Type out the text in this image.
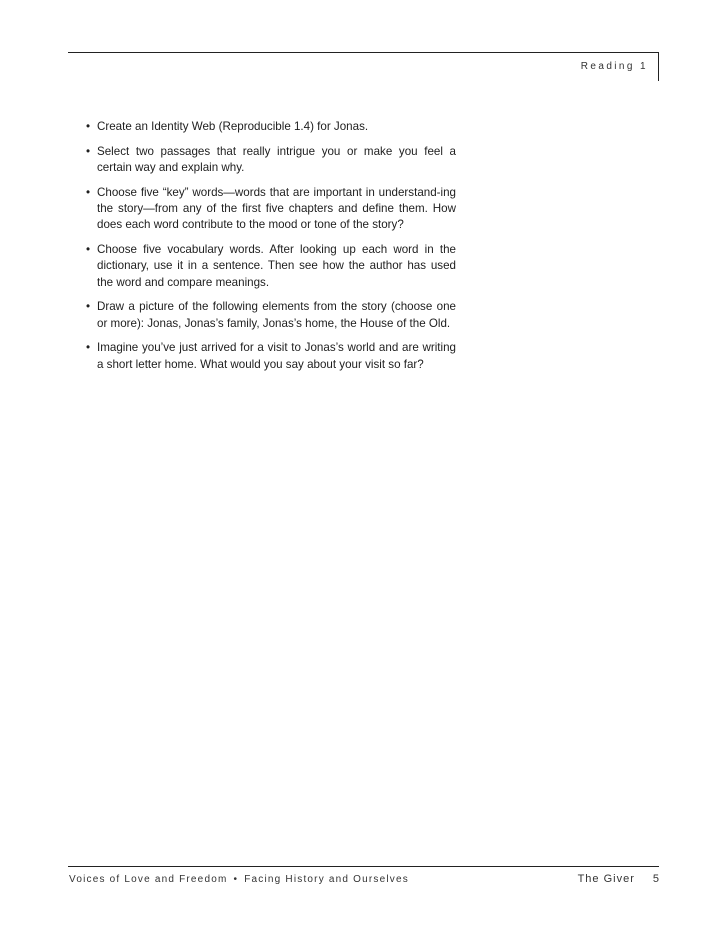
Reading 1
• Create an Identity Web (Reproducible 1.4) for Jonas.
• Select two passages that really intrigue you or make you feel a certain way and explain why.
• Choose five “key” words—words that are important in understand-ing the story—from any of the first five chapters and define them. How does each word contribute to the mood or tone of the story?
• Choose five vocabulary words. After looking up each word in the dictionary, use it in a sentence. Then see how the author has used the word and compare meanings.
• Draw a picture of the following elements from the story (choose one or more): Jonas, Jonas’s family, Jonas’s home, the House of the Old.
• Imagine you’ve just arrived for a visit to Jonas’s world and are writing a short letter home. What would you say about your visit so far?
Voices of Love and Freedom • Facing History and Ourselves	The Giver 5
